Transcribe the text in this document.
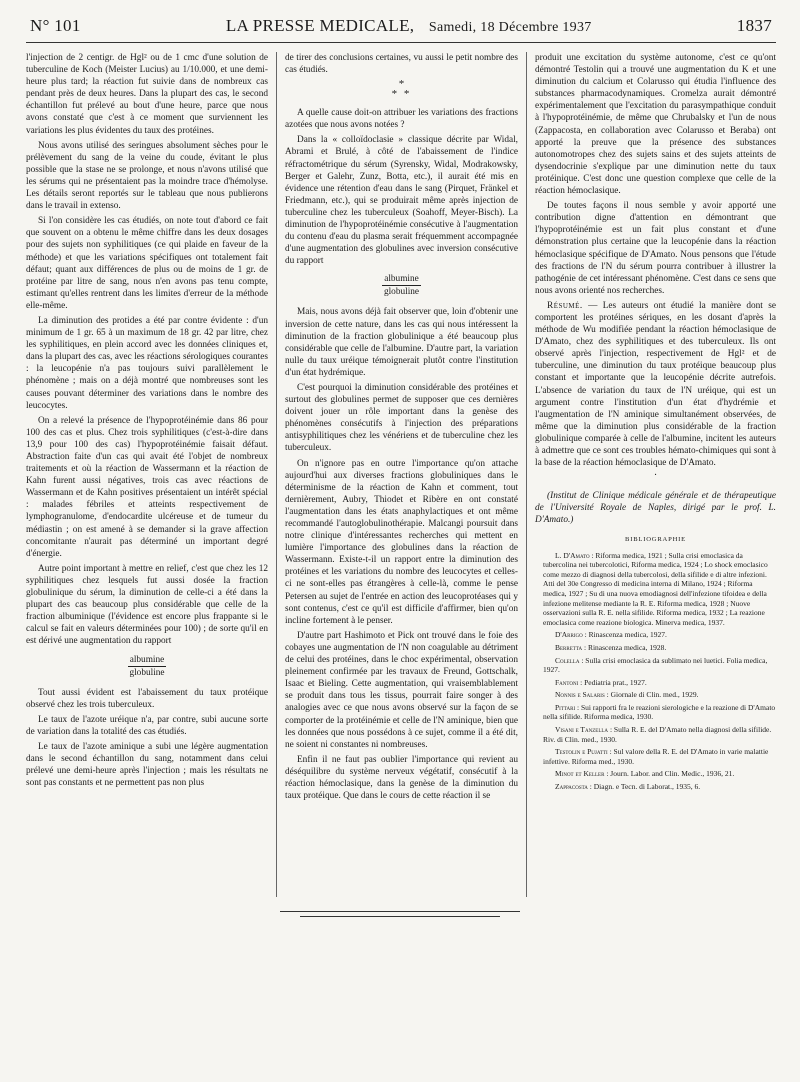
N° 101	LA PRESSE MEDICALE, Samedi, 18 Décembre 1937	1837

l'injection de 2 centigr. de Hgl² ou de 1 cmc d'une solution de tuberculine de Koch (Meister Lucius) au 1/10.000, et une demi-heure plus tard; la réaction fut suivie dans de nombreux cas pendant près de deux heures. Dans la plupart des cas, le second échantillon fut prélevé au bout d'une heure, parce que nous avons constaté que c'est à ce moment que surviennent les variations les plus évidentes du taux des protéines.

Nous avons utilisé des seringues absolument sèches pour le prélèvement du sang de la veine du coude, évitant le plus possible que la stase ne se prolonge, et nous n'avons utilisé que les sérums qui ne présentaient pas la moindre trace d'hémolyse. Les détails seront reportés sur le tableau que nous publierons dans le travail in extenso.

Si l'on considère les cas étudiés, on note tout d'abord ce fait que souvent on a obtenu le même chiffre dans les deux dosages pour des sujets non syphilitiques (ce qui plaide en faveur de la méthode) et que les variations spécifiques ont totalement fait défaut; quant aux différences de plus ou de moins de 1 gr. de protéine par litre de sang, nous n'en avons pas tenu compte, estimant qu'elles rentrent dans les limites d'erreur de la méthode elle-même.

La diminution des protides a été par contre évidente : d'un minimum de 1 gr. 65 à un maximum de 18 gr. 42 par litre, chez les syphilitiques, en plein accord avec les données cliniques et, dans la plupart des cas, avec les réactions sérologiques courantes : la leucopénie n'a pas toujours suivi parallèlement le phénomène ; mais on a déjà montré que nombreuses sont les causes pouvant déterminer des variations dans le nombre des leucocytes.

On a relevé la présence de l'hypoprotéinémie dans 86 pour 100 des cas et plus. Chez trois syphilitiques (c'est-à-dire dans 13,9 pour 100 des cas) l'hypoprotéinémie faisait défaut. Abstraction faite d'un cas qui avait été l'objet de nombreux traitements et où la réaction de Wassermann et la réaction de Kahn furent aussi négatives, trois cas avec réactions de Wassermann et de Kahn positives présentaient un intérêt spécial : malades fébriles et atteints respectivement de lymphogranulome, d'endocardite ulcéreuse et de tumeur du médiastin ; on est amené à se demander si la grave affection concomitante n'aurait pas déterminé un important degré d'énergie.

Autre point important à mettre en relief, c'est que chez les 12 syphilitiques chez lesquels fut aussi dosée la fraction globulinique du sérum, la diminution de celle-ci a été dans la plupart des cas beaucoup plus considérable que celle de la fraction albuminique (l'évidence est encore plus frappante si le calcul se fait en valeurs déterminées pour 100) ; de sorte qu'il en est dérivé une augmentation du rapport

albumine
globuline

Tout aussi évident est l'abaissement du taux protéique observé chez les trois tuberculeux.

Le taux de l'azote uréique n'a, par contre, subi aucune sorte de variation dans la totalité des cas étudiés.

Le taux de l'azote aminique a subi une légère augmentation dans le second échantillon du sang, notamment dans celui prélevé une demi-heure après l'injection ; mais les résultats ne sont pas constants et ne permettent pas non plus

de tirer des conclusions certaines, vu aussi le petit nombre des cas étudiés.

*
* *

A quelle cause doit-on attribuer les variations des fractions azotées que nous avons notées ?

Dans la « colloïdoclasie » classique décrite par Widal, Abrami et Brulé, à côté de l'abaissement de l'indice réfractométrique du sérum (Syrensky, Widal, Modrakowsky, Berger et Galehr, Zunz, Botta, etc.), il aurait été mis en évidence une rétention d'eau dans le sang (Pirquet, Fränkel et Friedmann, etc.), qui se produirait même après injection de tuberculine chez les tuberculeux (Soahoff, Meyer-Bisch). La diminution de l'hypoprotéinémie consécutive à l'augmentation du contenu d'eau du plasma serait fréquemment accompagnée d'une augmentation des globulines avec inversion consécutive du rapport

albumine
globuline

Mais, nous avons déjà fait observer que, loin d'obtenir une inversion de cette nature, dans les cas qui nous intéressent la diminution de la fraction globulinique a été beaucoup plus considérable que celle de l'albumine. D'autre part, la variation nulle du taux uréique témoignerait plutôt contre l'institution d'un état hydrémique.

C'est pourquoi la diminution considérable des protéines et surtout des globulines permet de supposer que ces dernières doivent jouer un rôle important dans la genèse des phénomènes consécutifs à l'injection des préparations antisyphilitiques chez les vénériens et de tuberculine chez les tuberculeux.

On n'ignore pas en outre l'importance qu'on attache aujourd'hui aux diverses fractions globuliniques dans le déterminisme de la réaction de Kahn et comment, tout dernièrement, Aubry, Thiodet et Ribère en ont constaté l'augmentation dans les états anaphylactiques et ont même recommandé l'autoglobulinothérapie. Malcangi poursuit dans notre clinique d'intéressantes recherches qui mettent en lumière l'importance des globulines dans la réaction de Wassermann. Existe-t-il un rapport entre la diminution des protéines et les variations du nombre des leucocytes et celles-ci ne sont-elles pas étrangères à celle-là, comme le pense Petersen au sujet de l'entrée en action des leucoprotéases qui y sont contenus, c'est ce qu'il est difficile d'affirmer, bien qu'on incline fortement à le penser.

D'autre part Hashimoto et Pick ont trouvé dans le foie des cobayes une augmentation de l'N non coagulable au détriment de celui des protéines, dans le choc expérimental, observation pleinement confirmée par les travaux de Freund, Gottschalk, Isaac et Bieling. Cette augmentation, qui vraisemblablement se produit dans tous les tissus, pourrait faire songer à des analogies avec ce que nous avons observé sur la façon de se comporter de la protéinémie et celle de l'N aminique, bien que les données que nous possédons à ce sujet, comme il a été dit, ne soient ni constantes ni nombreuses.

Enfin il ne faut pas oublier l'importance qui revient au déséquilibre du système nerveux végétatif, consécutif à la réaction hémoclasique, dans la genèse de la diminution du taux protéique. Que dans le cours de cette réaction il se

produit une excitation du système autonome, c'est ce qu'ont démontré Testolin qui a trouvé une augmentation du K et une diminution du calcium et Colarusso qui étudia l'influence des substances pharmacodynamiques. Cromelza aurait démontré expérimentalement que l'excitation du parasympathique conduit à l'hypoprotéinémie, de même que Chrubalsky et l'un de nous (Zappacosta, en collaboration avec Colarusso et Beraba) ont apporté la preuve que la présence des substances autonomotropes chez des sujets sains et des sujets atteints de dysendocrinie s'explique par une diminution nette du taux protéinique. C'est donc une question complexe que celle de la réaction hémoclasique.

De toutes façons il nous semble y avoir apporté une contribution digne d'attention en démontrant que l'hypoprotéinémie est un fait plus constant et d'une démonstration plus certaine que la leucopénie dans la réaction hémoclasique spécifique de D'Amato. Nous pensons que l'étude des fractions de l'N du sérum pourra contribuer à illustrer la pathogénie de cet intéressant phénomène. C'est dans ce sens que nous avons orienté nos recherches.

Résumé. — Les auteurs ont étudié la manière dont se comportent les protéines sériques, en les dosant d'après la méthode de Wu modifiée pendant la réaction hémoclasique de D'Amato, chez des syphilitiques et des tuberculeux. Ils ont observé après l'injection, respectivement de Hgl² et de tuberculine, une diminution du taux protéique beaucoup plus constant et importante que la leucopénie décrite autrefois. L'absence de variation du taux de l'N uréique, qui est un argument contre l'institution d'un état d'hydrémie et l'augmentation de l'N aminique simultanément observées, de même que la diminution plus considérable de la fraction globulinique comparée à celle de l'albumine, incitent les auteurs à admettre que ce sont ces troubles hémato-chimiques qui sont à la base de la réaction hémoclasique de D'Amato.

·

(Institut de Clinique médicale générale et de thérapeutique de l'Université Royale de Naples, dirigé par le prof. L. D'Amato.)

BIBLIOGRAPHIE

L. D'Amato : Riforma medica, 1921 ; Sulla crisi emoclasica da tubercolina nei tubercolotici, Riforma medica, 1924 ; Lo shock emoclasico come mezzo di diagnosi della tubercolosi, della sifilide e di altre infezioni. Atti del 30e Congresso di medicina interna di Milano, 1924 ; Riforma medica, 1927 ; Su di una nuova emodiagnosi dell'infezione tifoidea e della infezione melitense mediante la R. E. Riforma medica, 1928 ; Nuove osservazioni sulla R. E. nella sifilide. Riforma medica, 1932 ; La reazione emoclasica come reazione biologica. Minerva medica, 1937.

D'Arrigo : Rinascenza medica, 1927.

Berretta : Rinascenza medica, 1928.

Colella : Sulla crisi emoclasica da sublimato nei luetici. Folia medica, 1927.

Fantoni : Pediatria prat., 1927.

Nonnis e Salaris : Giornale di Clin. med., 1929.

Pittari : Sui rapporti fra le reazioni sierologiche e la reazione di D'Amato nella sifilide. Riforma medica, 1930.

Visani e Tanzella : Sulla R. E. del D'Amato nella diagnosi della sifilide. Riv. di Clin. med., 1930.

Testolin e Pujatti : Sul valore della R. E. del D'Amato in varie malattie infettive. Riforma med., 1930.

Minot et Keller : Journ. Labor. and Clin. Medic., 1936, 21.

Zappacosta : Diagn. e Tecn. di Laborat., 1935, 6.
